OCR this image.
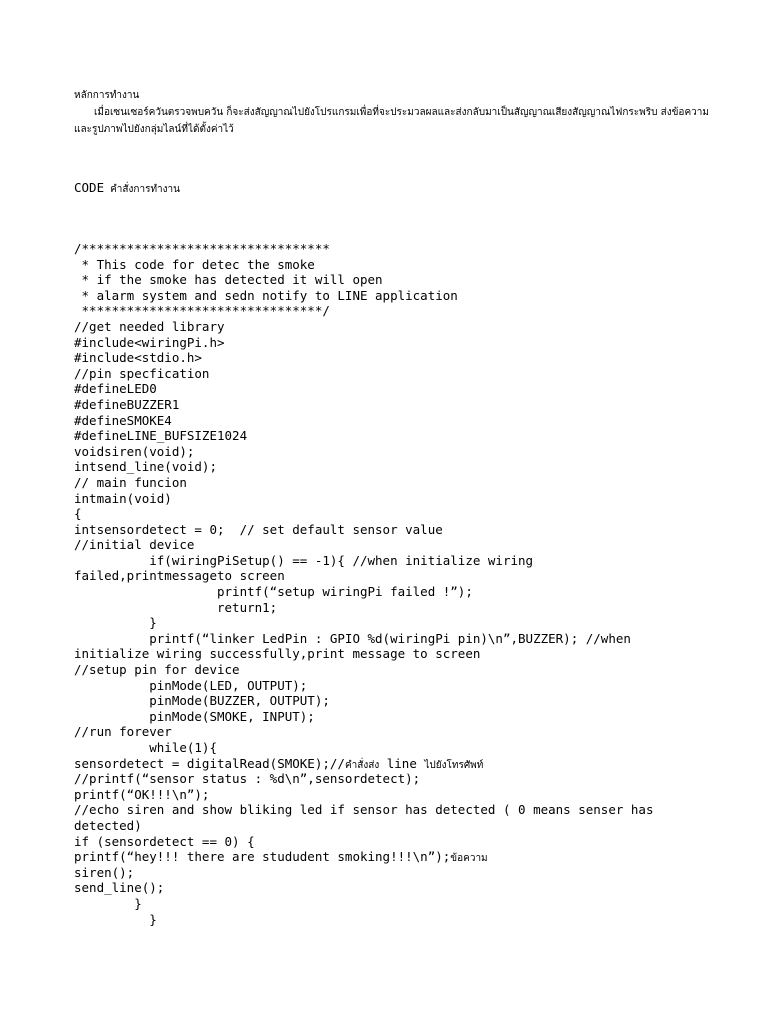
หลักการทำงาน
เมื่อเซนเซอร์ควันตรวจพบควัน ก็จะส่งสัญญาณไปยังโปรแกรมเพื่อที่จะประมวลผลและส่งกลับมาเป็นสัญญาณเสียงสัญญาณไฟกระพริบ ส่งข้อความและรูปภาพไปยังกลุ่มไลน์ที่ได้ตั้งค่าไว้
CODE คำสั่งการทำงาน
/*********************************
* This code for detec the smoke
* if the smoke has detected it will open
* alarm system and sedn notify to LINE application
********************************/
//get needed library
#include<wiringPi.h>
#include<stdio.h>
//pin specfication
#defineLED0
#defineBUZZER1
#defineSMOKE4
#defineLINE_BUFSIZE1024
voidsiren(void);
intsend_line(void);
// main funcion
intmain(void)
{
intsensordetect = 0;  // set default sensor value
//initial device
if(wiringPiSetup() == -1){ //when initialize wiring
failed,printmessageto screen
printf(“setup wiringPi failed !”);
return1;
}
printf(“linker LedPin : GPIO %d(wiringPi pin)\n”,BUZZER); //when
initialize wiring successfully,print message to screen
//setup pin for device
pinMode(LED, OUTPUT);
pinMode(BUZZER, OUTPUT);
pinMode(SMOKE, INPUT);
//run forever
while(1){
sensordetect = digitalRead(SMOKE);//คำสั่งส่ง line ไปยังโทรศัพท์
//printf(“sensor status : %d\n”,sensordetect);
printf(“OK!!!\n”);
//echo siren and show bliking led if sensor has detected ( 0 means senser has
detected)
if (sensordetect == 0) {
printf(“hey!!! there are stududent smoking!!!\n”);ข้อความ
siren();
send_line();
}
}
